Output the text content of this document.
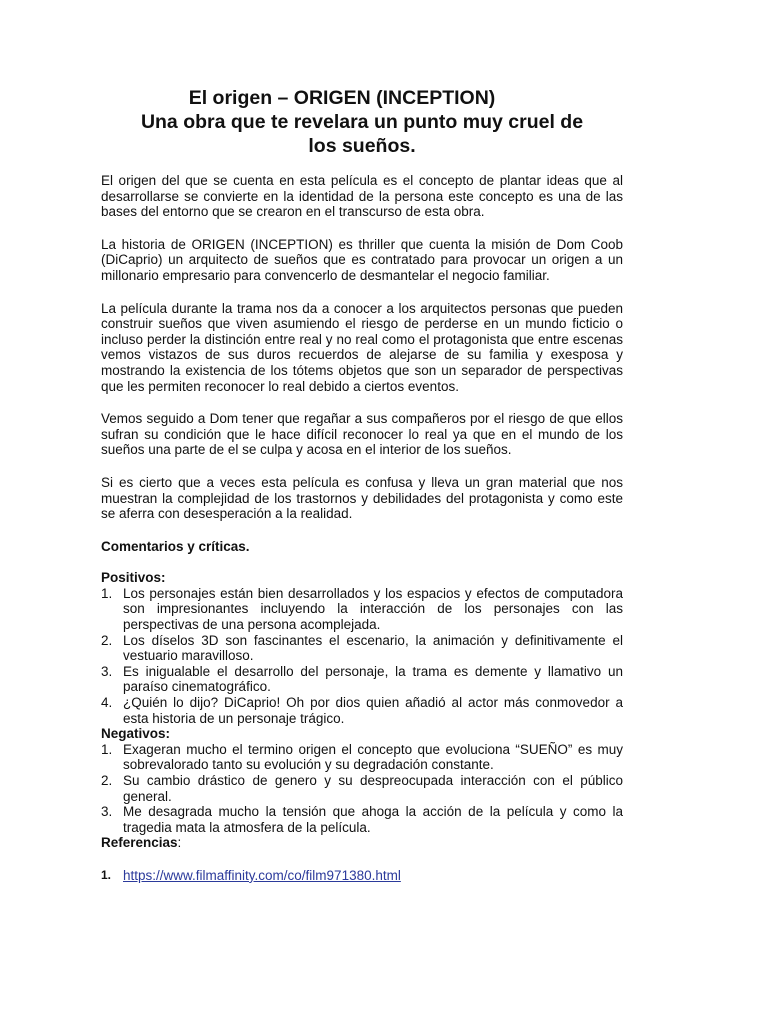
El origen – ORIGEN (INCEPTION)
Una obra que te revelara un punto muy cruel de
los sueños.

El origen del que se cuenta en esta película es el concepto de plantar ideas que al desarrollarse se convierte en la identidad de la persona este concepto es una de las bases del entorno que se crearon en el transcurso de esta obra.

La historia de ORIGEN (INCEPTION) es thriller que cuenta la misión de Dom Coob (DiCaprio) un arquitecto de sueños que es contratado para provocar un origen a un millonario empresario para convencerlo de desmantelar el negocio familiar.

La película durante la trama nos da a conocer a los arquitectos personas que pueden construir sueños que viven asumiendo el riesgo de perderse en un mundo ficticio o incluso perder la distinción entre real y no real como el protagonista que entre escenas vemos vistazos de sus duros recuerdos de alejarse de su familia y exesposa y mostrando la existencia de los tótems objetos que son un separador de perspectivas que les permiten reconocer lo real debido a ciertos eventos.

Vemos seguido a Dom tener que regañar a sus compañeros por el riesgo de que ellos sufran su condición que le hace difícil reconocer lo real ya que en el mundo de los sueños una parte de el se culpa y acosa en el interior de los sueños.

Si es cierto que a veces esta película es confusa y lleva un gran material que nos muestran la complejidad de los trastornos y debilidades del protagonista y como este se aferra con desesperación a la realidad.

Comentarios y críticas.
Positivos:
1. Los personajes están bien desarrollados y los espacios y efectos de computadora son impresionantes incluyendo la interacción de los personajes con las perspectivas de una persona acomplejada.
2. Los díselos 3D son fascinantes el escenario, la animación y definitivamente el vestuario maravilloso.
3. Es inigualable el desarrollo del personaje, la trama es demente y llamativo un paraíso cinematográfico.
4. ¿Quién lo dijo? DiCaprio! Oh por dios quien añadió al actor más conmovedor a esta historia de un personaje trágico.
Negativos:
1. Exageran mucho el termino origen el concepto que evoluciona “SUEÑO” es muy sobrevalorado tanto su evolución y su degradación constante.
2. Su cambio drástico de genero y su despreocupada interacción con el público general.
3. Me desagrada mucho la tensión que ahoga la acción de la película y como la tragedia mata la atmosfera de la película.
Referencias:
1. https://www.filmaffinity.com/co/film971380.html
